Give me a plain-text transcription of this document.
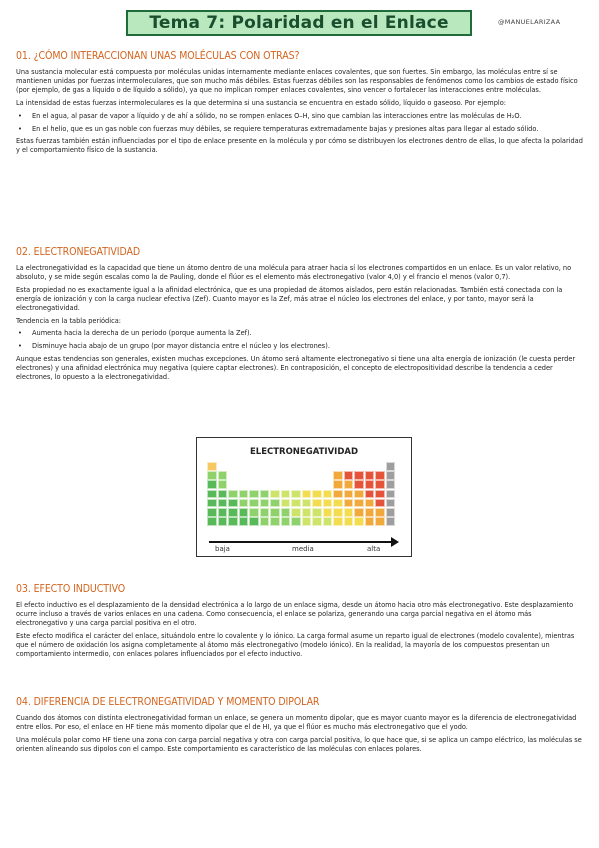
Tema 7: Polaridad en el Enlace	@MANUELARIZAA
01. ¿CÓMO INTERACCIONAN UNAS MOLÉCULAS CON OTRAS?

Una sustancia molecular está compuesta por moléculas unidas internamente mediante enlaces covalentes, que son fuertes. Sin embargo, las moléculas entre sí se mantienen unidas por fuerzas intermoleculares, que son mucho más débiles. Estas fuerzas débiles son las responsables de fenómenos como los cambios de estado físico (por ejemplo, de gas a líquido o de líquido a sólido), ya que no implican romper enlaces covalentes, sino vencer o fortalecer las interacciones entre moléculas.

La intensidad de estas fuerzas intermoleculares es la que determina si una sustancia se encuentra en estado sólido, líquido o gaseoso. Por ejemplo:

• En el agua, al pasar de vapor a líquido y de ahí a sólido, no se rompen enlaces O–H, sino que cambian las interacciones entre las moléculas de H₂O.
• En el helio, que es un gas noble con fuerzas muy débiles, se requiere temperaturas extremadamente bajas y presiones altas para llegar al estado sólido.

Estas fuerzas también están influenciadas por el tipo de enlace presente en la molécula y por cómo se distribuyen los electrones dentro de ellas, lo que afecta la polaridad y el comportamiento físico de la sustancia.

02. ELECTRONEGATIVIDAD

La electronegatividad es la capacidad que tiene un átomo dentro de una molécula para atraer hacia sí los electrones compartidos en un enlace. Es un valor relativo, no absoluto, y se mide según escalas como la de Pauling, donde el flúor es el elemento más electronegativo (valor 4,0) y el francio el menos (valor 0,7).

Esta propiedad no es exactamente igual a la afinidad electrónica, que es una propiedad de átomos aislados, pero están relacionadas. También está conectada con la energía de ionización y con la carga nuclear efectiva (Zef). Cuanto mayor es la Zef, más atrae el núcleo los electrones del enlace, y por tanto, mayor será la electronegatividad.

Tendencia en la tabla periódica:

• Aumenta hacia la derecha de un periodo (porque aumenta la Zef).
• Disminuye hacia abajo de un grupo (por mayor distancia entre el núcleo y los electrones).

Aunque estas tendencias son generales, existen muchas excepciones. Un átomo será altamente electronegativo si tiene una alta energía de ionización (le cuesta perder electrones) y una afinidad electrónica muy negativa (quiere captar electrones). En contraposición, el concepto de electropositividad describe la tendencia a ceder electrones, lo opuesto a la electronegatividad.

ELECTRONEGATIVIDAD
baja	media	alta
03. EFECTO INDUCTIVO

El efecto inductivo es el desplazamiento de la densidad electrónica a lo largo de un enlace sigma, desde un átomo hacia otro más electronegativo. Este desplazamiento ocurre incluso a través de varios enlaces en una cadena. Como consecuencia, el enlace se polariza, generando una carga parcial negativa en el átomo más electronegativo y una carga parcial positiva en el otro.

Este efecto modifica el carácter del enlace, situándolo entre lo covalente y lo iónico. La carga formal asume un reparto igual de electrones (modelo covalente), mientras que el número de oxidación los asigna completamente al átomo más electronegativo (modelo iónico). En la realidad, la mayoría de los compuestos presentan un comportamiento intermedio, con enlaces polares influenciados por el efecto inductivo.

04. DIFERENCIA DE ELECTRONEGATIVIDAD Y MOMENTO DIPOLAR

Cuando dos átomos con distinta electronegatividad forman un enlace, se genera un momento dipolar, que es mayor cuanto mayor es la diferencia de electronegatividad entre ellos. Por eso, el enlace en HF tiene más momento dipolar que el de HI, ya que el flúor es mucho más electronegativo que el yodo.

Una molécula polar como HF tiene una zona con carga parcial negativa y otra con carga parcial positiva, lo que hace que, si se aplica un campo eléctrico, las moléculas se orienten alineando sus dipolos con el campo. Este comportamiento es característico de las moléculas con enlaces polares.
